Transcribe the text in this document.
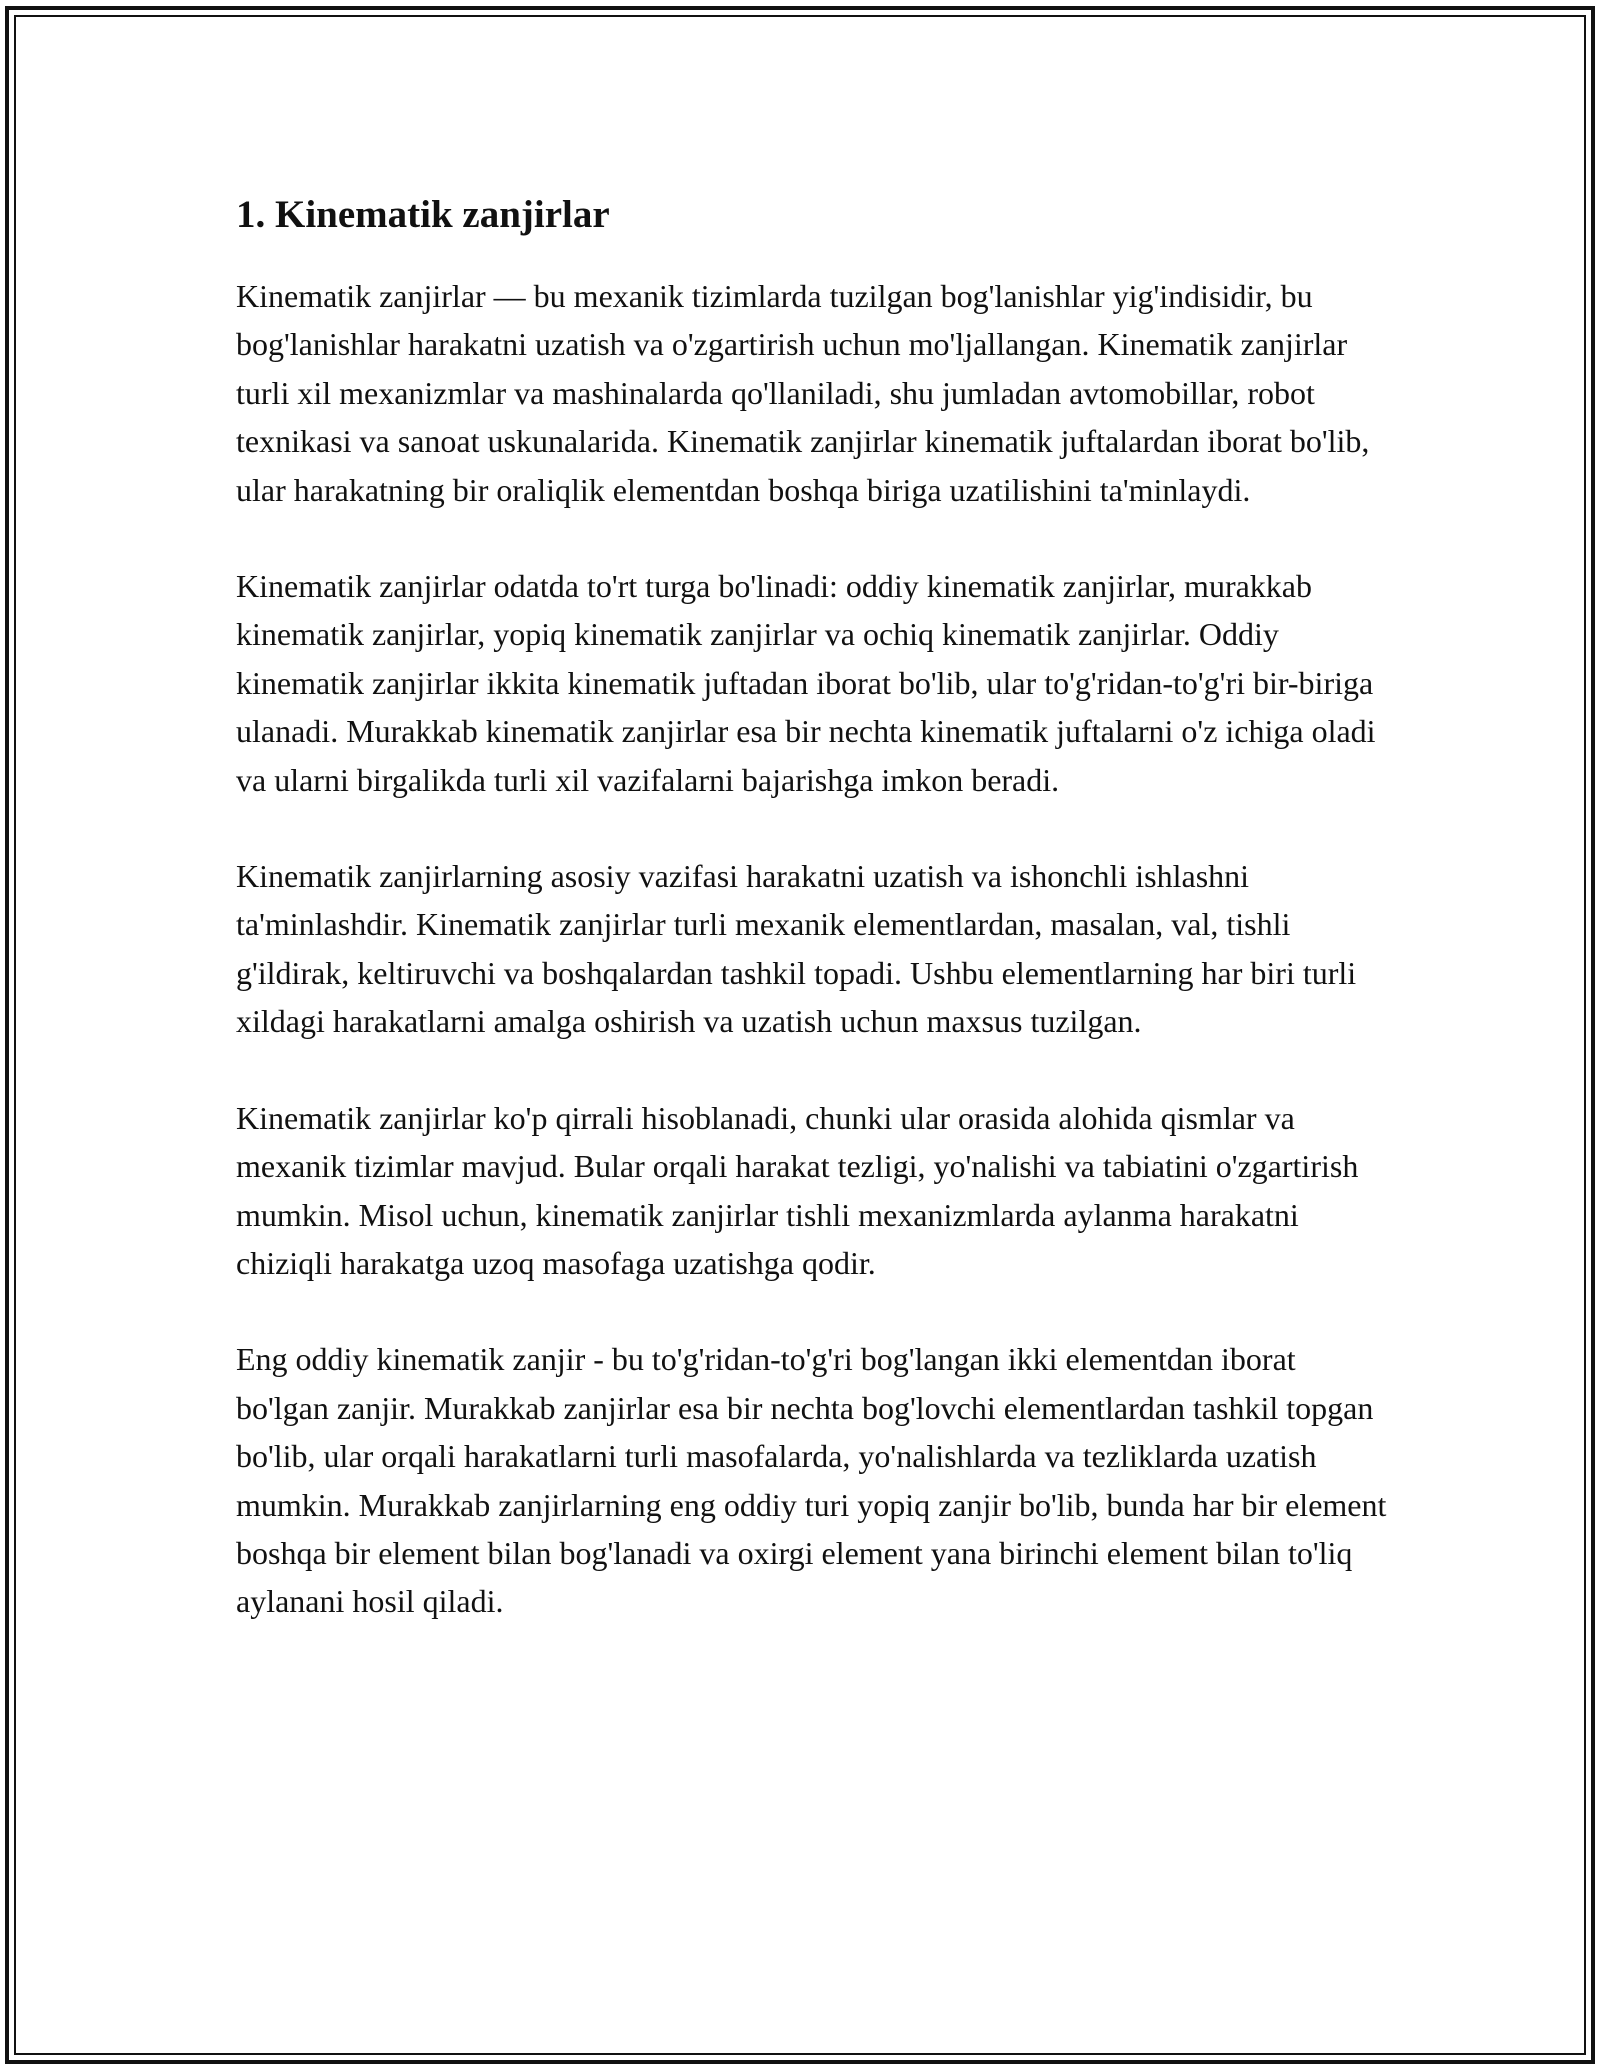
1. Kinematik zanjirlar

Kinematik zanjirlar — bu mexanik tizimlarda tuzilgan bog'lanishlar yig'indisidir, bu bog'lanishlar harakatni uzatish va o'zgartirish uchun mo'ljallangan. Kinematik zanjirlar turli xil mexanizmlar va mashinalarda qo'llaniladi, shu jumladan avtomobillar, robot texnikasi va sanoat uskunalarida. Kinematik zanjirlar kinematik juftalardan iborat bo'lib, ular harakatning bir oraliqlik elementdan boshqa biriga uzatilishini ta'minlaydi.

Kinematik zanjirlar odatda to'rt turga bo'linadi: oddiy kinematik zanjirlar, murakkab kinematik zanjirlar, yopiq kinematik zanjirlar va ochiq kinematik zanjirlar. Oddiy kinematik zanjirlar ikkita kinematik juftadan iborat bo'lib, ular to'g'ridan-to'g'ri bir-biriga ulanadi. Murakkab kinematik zanjirlar esa bir nechta kinematik juftalarni o'z ichiga oladi va ularni birgalikda turli xil vazifalarni bajarishga imkon beradi.

Kinematik zanjirlarning asosiy vazifasi harakatni uzatish va ishonchli ishlashni ta'minlashdir. Kinematik zanjirlar turli mexanik elementlardan, masalan, val, tishli g'ildirak, keltiruvchi va boshqalardan tashkil topadi. Ushbu elementlarning har biri turli xildagi harakatlarni amalga oshirish va uzatish uchun maxsus tuzilgan.

Kinematik zanjirlar ko'p qirrali hisoblanadi, chunki ular orasida alohida qismlar va mexanik tizimlar mavjud. Bular orqali harakat tezligi, yo'nalishi va tabiatini o'zgartirish mumkin. Misol uchun, kinematik zanjirlar tishli mexanizmlarda aylanma harakatni chiziqli harakatga uzoq masofaga uzatishga qodir.

Eng oddiy kinematik zanjir - bu to'g'ridan-to'g'ri bog'langan ikki elementdan iborat bo'lgan zanjir. Murakkab zanjirlar esa bir nechta bog'lovchi elementlardan tashkil topgan bo'lib, ular orqali harakatlarni turli masofalarda, yo'nalishlarda va tezliklarda uzatish mumkin. Murakkab zanjirlarning eng oddiy turi yopiq zanjir bo'lib, bunda har bir element boshqa bir element bilan bog'lanadi va oxirgi element yana birinchi element bilan to'liq aylanani hosil qiladi.
